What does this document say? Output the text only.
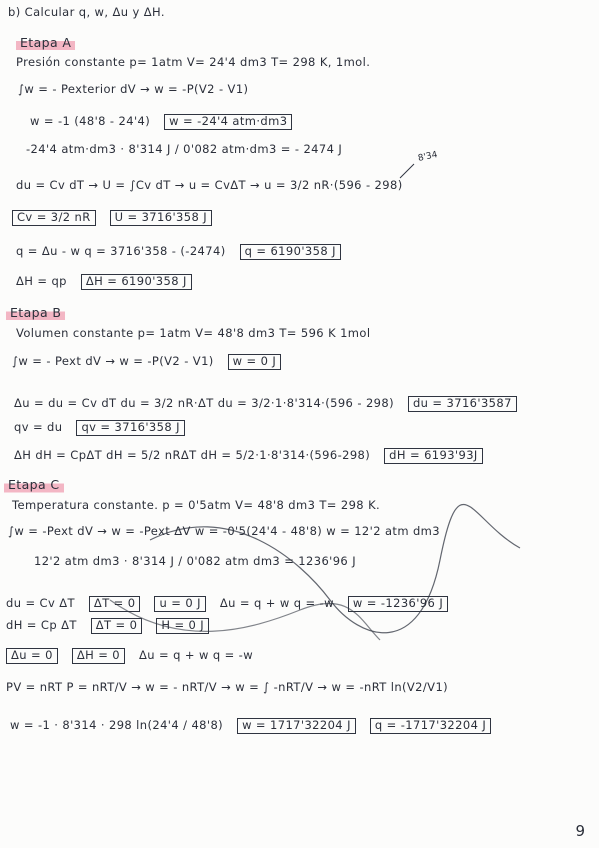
b) Calcular q, w, Δu y ΔH.
Etapa A
Presión constante p= 1atm V= 24'4 dm3 T= 298 K, 1mol.
∫w = - Pexterior dV → w = -P(V2 - V1)
w = -1 (48'8 - 24'4) w = -24'4 atm·dm3
-24'4 atm·dm3 · 8'314 J / 0'082 atm·dm3 = - 2474 J
du = Cv dT → U = ∫Cv dT → u = CvΔT → u = 3/2 nR·(596 - 298)
Cv = 3/2 nR U = 3716'358 J
q = Δu - w q = 3716'358 - (-2474) q = 6190'358 J
ΔH = qp ΔH = 6190'358 J
Etapa B
Volumen constante p= 1atm V= 48'8 dm3 T= 596 K 1mol
∫w = - Pext dV → w = -P(V2 - V1) w = 0 J
Δu = du = Cv dT du = 3/2 nR·ΔT du = 3/2·1·8'314·(596 - 298) du = 3716'3587
qv = du qv = 3716'358 J
ΔH dH = CpΔT dH = 5/2 nRΔT dH = 5/2·1·8'314·(596-298) dH = 6193'93J
Etapa C
Temperatura constante. p = 0'5atm V= 48'8 dm3 T= 298 K.
∫w = -Pext dV → w = -Pext ΔV w = -0'5(24'4 - 48'8) w = 12'2 atm dm3
12'2 atm dm3 · 8'314 J / 0'082 atm dm3 = 1236'96 J
du = Cv ΔT ΔT = 0 u = 0 J Δu = q + w q = -w w = -1236'96 J
dH = Cp ΔT ΔT = 0 H = 0 J
Δu = 0 ΔH = 0 Δu = q + w q = -w
PV = nRT P = nRT/V → w = - nRT/V → w = ∫ -nRT/V → w = -nRT ln(V2/V1)
w = -1 · 8'314 · 298 ln(24'4 / 48'8) w = 1717'32204 J q = -1717'32204 J
8'34
9
